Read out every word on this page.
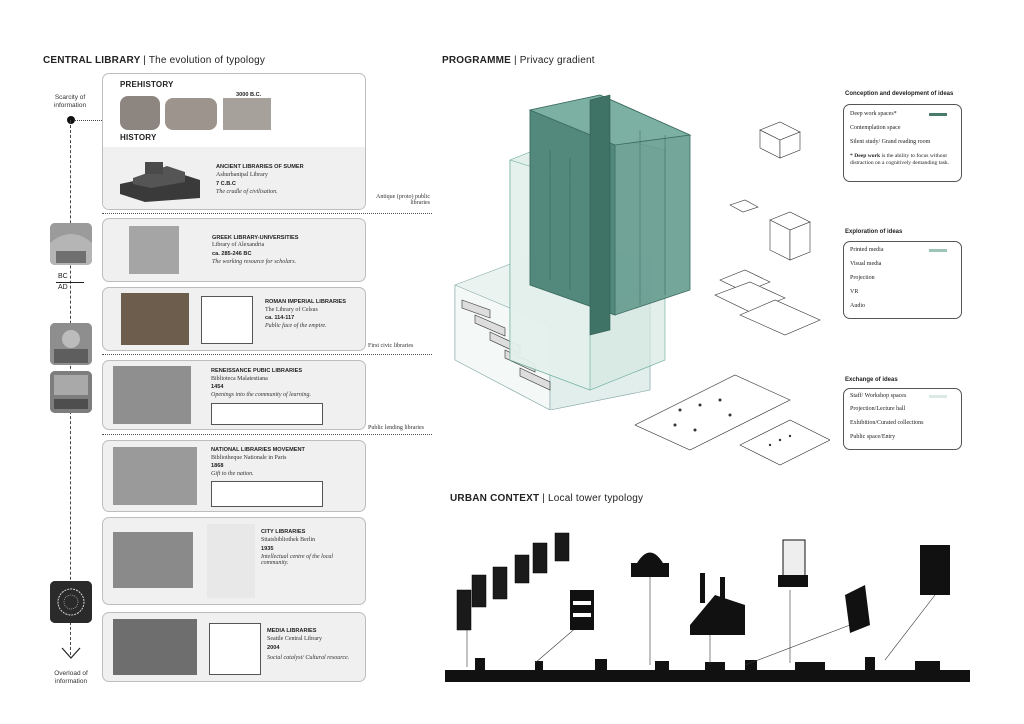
CENTRAL LIBRARY | The evolution of typology
Scarcity of information
Overload of information
BC
AD
PREHISTORY
3000 B.C.
HISTORY
ANCIENT LIBRARIES OF SUMER
Ashurbanipal Library
7 C.B.C
The cradle of civilisation.
Antique (proto) public libraries
GREEK LIBRARY-UNIVERSITIES
Library of Alexandria
ca. 285-246 BC
The working resource for scholars.
ROMAN IMPERIAL LIBRARIES
The Library of Celsus
ca. 114-117
Public face of the empire.
First civic libraries
RENEISSANCE PUBIC LIBRARIES
Biblioteca Malatestiana
1454
Openings into the community of learning.
Public lending libraries
NATIONAL LIBRARIES MOVEMENT
Bibliotheque Nationale in Paris
1868
Gift to the nation.
CITY LIBRARIES
Sttatsbibliothek Berlin
1935
Intellectual centre of the local community.
MEDIA LIBRARIES
Seattle Central Library
2004
Social catalyst/ Cultural resource.
PROGRAMME | Privacy gradient
Conception and development of ideas
Deep work spaces*
Contemplation space
Silent study/ Grand reading room
* Deep work is the ability to focus without distraction on a cognitively demanding task.
Exploration of ideas
Printed media
Visual media
Projection
VR
Audio
Exchange of ideas
Staff/ Workshop spaces
Projection/Lecture hall
Exhibition/Curated collections
Public space/Entry
URBAN CONTEXT | Local tower typology
